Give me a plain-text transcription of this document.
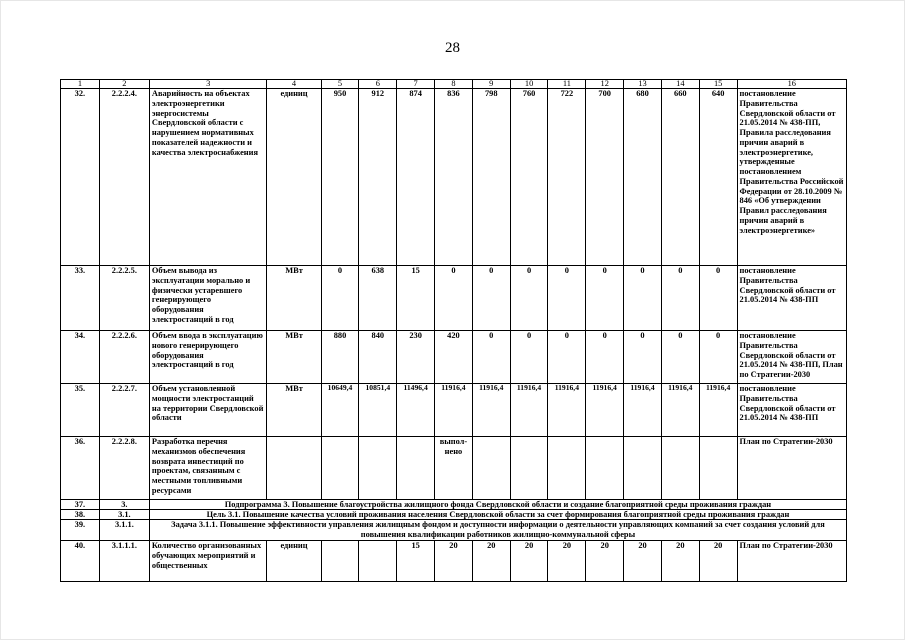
28
1	2	3	4	5	6	7	8	9	10	11	12	13	14	15	16
32.	2.2.2.4.	Аварийность на объектах электроэнергетики энергосистемы Свердловской области с нарушением нормативных показателей надежности и качества электроснабжения	единиц	950	912	874	836	798	760	722	700	680	660	640	постановление Правительства Свердловской области от 21.05.2014 № 438-ПП, Правила расследования причин аварий в электроэнергетике, утвержденные постановлением Правительства Российской Федерации от 28.10.2009 № 846 «Об утверждении Правил расследования причин аварий в электроэнергетике»
33.	2.2.2.5.	Объем вывода из эксплуатации морально и физически устаревшего генерирующего оборудования электростанций в год	МВт	0	638	15	0	0	0	0	0	0	0	0	постановление Правительства Свердловской области от 21.05.2014 № 438-ПП
34.	2.2.2.6.	Объем ввода в эксплуатацию нового генерирующего оборудования электростанций в год	МВт	880	840	230	420	0	0	0	0	0	0	0	постановление Правительства Свердловской области от 21.05.2014 № 438-ПП, План по Стратегии-2030
35.	2.2.2.7.	Объем установленной мощности электростанций на территории Свердловской области	МВт	10649,4	10851,4	11496,4	11916,4	11916,4	11916,4	11916,4	11916,4	11916,4	11916,4	11916,4	постановление Правительства Свердловской области от 21.05.2014 № 438-ПП
36.	2.2.2.8.	Разработка перечня механизмов обеспечения возврата инвестиций по проектам, связанным с местными топливными ресурсами					выпол-нено								План по Стратегии-2030
37.	3.	Подпрограмма 3. Повышение благоустройства жилищного фонда Свердловской области и создание благоприятной среды проживания граждан													
38.	3.1.	Цель 3.1. Повышение качества условий проживания населения Свердловской области за счет формирования благоприятной среды проживания граждан													
39.	3.1.1.	Задача 3.1.1. Повышение эффективности управления жилищным фондом и доступности информации о деятельности управляющих компаний за счет создания условий для повышения квалификации работников жилищно-коммунальной сферы													
40.	3.1.1.1.	Количество организованных обучающих мероприятий и общественных	единиц			15	20	20	20	20	20	20	20	20	План по Стратегии-2030
